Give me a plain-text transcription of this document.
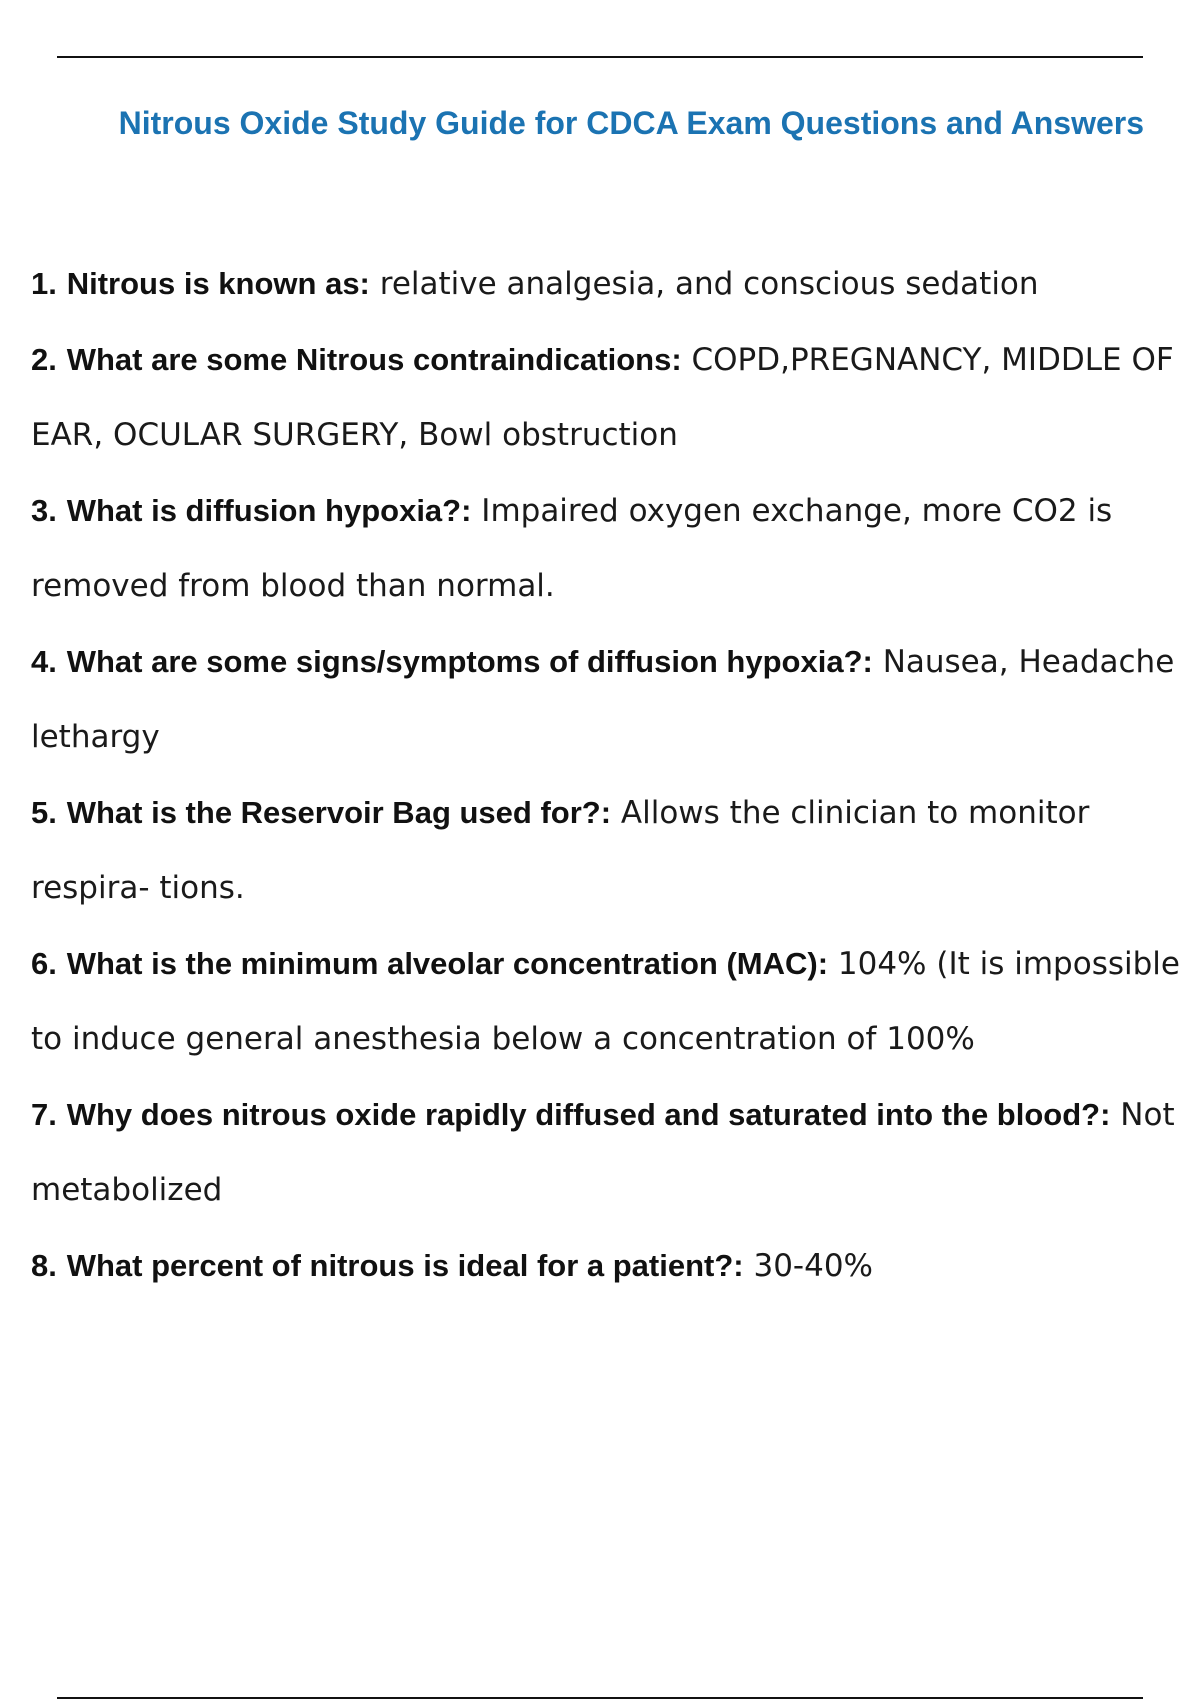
Nitrous Oxide Study Guide for CDCA Exam Questions and Answers
1. Nitrous is known as: relative analgesia, and conscious sedation
2. What are some Nitrous contraindications: COPD,PREGNANCY, MIDDLE OF EAR, OCULAR SURGERY, Bowl obstruction
3. What is diffusion hypoxia?: Impaired oxygen exchange, more CO2 is removed from blood than normal.
4. What are some signs/symptoms of diffusion hypoxia?: Nausea, Headache lethargy
5. What is the Reservoir Bag used for?: Allows the clinician to monitor respira- tions.
6. What is the minimum alveolar concentration (MAC): 104% (It is impossible to induce general anesthesia below a concentration of 100%
7. Why does nitrous oxide rapidly diffused and saturated into the blood?: Not metabolized
8. What percent of nitrous is ideal for a patient?: 30-40%
